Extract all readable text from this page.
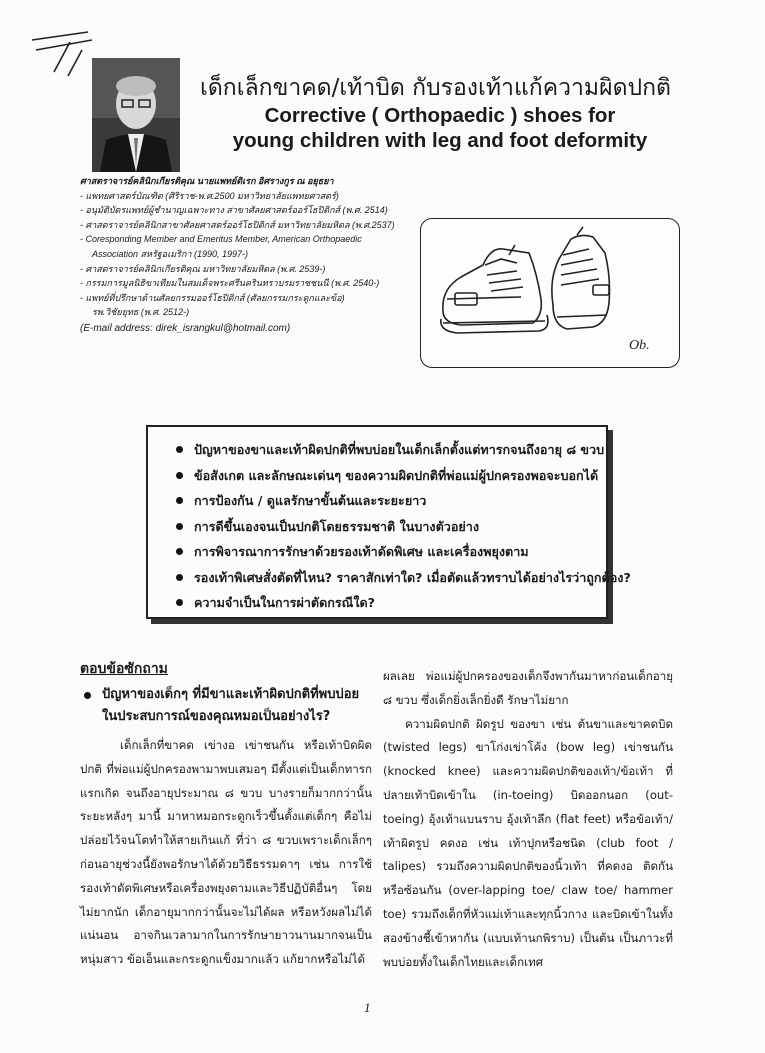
เด็กเล็กขาคด/เท้าบิด กับรองเท้าแก้ความผิดปกติ
Corrective ( Orthopaedic ) shoes for
young children with leg and foot deformity
ศาสตราจารย์คลินิกเกียรติคุณ นายแพทย์ดิเรก อิศรางกูร ณ อยุธยา
- แพทยศาสตร์บัณฑิต (ศิริราช-พ.ศ.2500 มหาวิทยาลัยแพทยศาสตร์)
- อนุมัติบัตรแพทย์ผู้ชำนาญเฉพาะทาง สาขาศัลยศาสตร์ออร์โธปิดิกส์ (พ.ศ. 2514)
- ศาสตราจารย์คลินิกสาขาศัลยศาสตร์ออร์โธปิดิกส์ มหาวิทยาลัยมหิดล (พ.ศ.2537)
- Coresponding Member and Emeritus Member, American Orthopaedic
Association สหรัฐอเมริกา (1990, 1997-)
- ศาสตราจารย์คลินิกเกียรติคุณ มหาวิทยาลัยมหิดล (พ.ศ. 2539-)
- กรรมการมูลนิธิขาเทียมในสมเด็จพระศรีนครินทราบรมราชชนนี (พ.ศ. 2540-)
- แพทย์ที่ปรึกษาด้านศัลยกรรมออร์โธปิดิกส์ (ศัลยกรรมกระดูกและข้อ)
รพ.วิชัยยุทธ (พ.ศ. 2512-)
(E-mail address: direk_israngkul@hotmail.com)
Ob.
ปัญหาของขาและเท้าผิดปกติที่พบบ่อยในเด็กเล็กตั้งแต่ทารกจนถึงอายุ ๘ ขวบ
ข้อสังเกต และลักษณะเด่นๆ ของความผิดปกติที่พ่อแม่ผู้ปกครองพอจะบอกได้
การป้องกัน / ดูแลรักษาขั้นต้นและระยะยาว
การดีขึ้นเองจนเป็นปกติโดยธรรมชาติ ในบางตัวอย่าง
การพิจารณาการรักษาด้วยรองเท้าดัดพิเศษ และเครื่องพยุงตาม
รองเท้าพิเศษสั่งตัดที่ไหน? ราคาสักเท่าใด? เมื่อตัดแล้วทราบได้อย่างไรว่าถูกต้อง?
ความจำเป็นในการผ่าตัดกรณีใด?
ตอบข้อซักถาม
ปัญหาของเด็กๆ ที่มีขาและเท้าผิดปกติที่พบบ่อยในประสบการณ์ของคุณหมอเป็นอย่างไร?

เด็กเล็กที่ขาคด เข่างอ เข่าชนกัน หรือเท้าบิดผิดปกติ ที่พ่อแม่ผู้ปกครองพามาพบเสมอๆ มีตั้งแต่เป็นเด็กทารกแรกเกิด จนถึงอายุประมาณ ๘ ขวบ บางรายก็มากกว่านั้น ระยะหลังๆ มานี้ มาหาหมอกระดูกเร็วขึ้นตั้งแต่เด็กๆ คือไม่ปล่อยไว้จนโตทำให้สายเกินแก้ ที่ว่า ๘ ขวบเพราะเด็กเล็กๆก่อนอายุช่วงนี้ยังพอรักษาได้ด้วยวิธีธรรมดาๆ เช่น การใช้รองเท้าดัดพิเศษหรือเครื่องพยุงตามและวิธีปฏิบัติอื่นๆ โดยไม่ยากนัก เด็กอายุมากกว่านั้นจะไม่ได้ผล หรือหวังผลไม่ได้แน่นอน อาจกินเวลามากในการรักษายาวนานมากจนเป็นหนุ่มสาว ข้อเอ็นและกระดูกแข็งมากแล้ว แก้ยากหรือไม่ได้

ผลเลย พ่อแม่ผู้ปกครองของเด็กจึงพากันมาหาก่อนเด็กอายุ ๘ ขวบ ซึ่งเด็กยิ่งเล็กยิ่งดี รักษาไม่ยาก

ความผิดปกติ ผิดรูป ของขา เช่น ต้นขาและขาคดบิด (twisted legs) ขาโก่งเข่าโค้ง (bow leg) เข่าชนกัน (knocked knee) และความผิดปกติของเท้า/ข้อเท้า ที่ปลายเท้าบิดเข้าใน (in-toeing) บิดออกนอก (out-toeing) อุ้งเท้าแบนราบ อุ้งเท้าลึก (flat feet) หรือข้อเท้า/เท้าผิดรูป คดงอ เช่น เท้าปุกหรือชนิด (club foot / talipes) รวมถึงความผิดปกติของนิ้วเท้า ที่คดงอ ติดกัน หรือซ้อนกัน (over-lapping toe/ claw toe/ hammer toe) รวมถึงเด็กที่หัวแม่เท้าและทุกนิ้วกาง และบิดเข้าในทั้งสองข้างชี้เข้าหากัน (แบบเท้านกพิราบ) เป็นต้น เป็นภาวะที่พบบ่อยทั้งในเด็กไทยและเด็กเทศ

1
